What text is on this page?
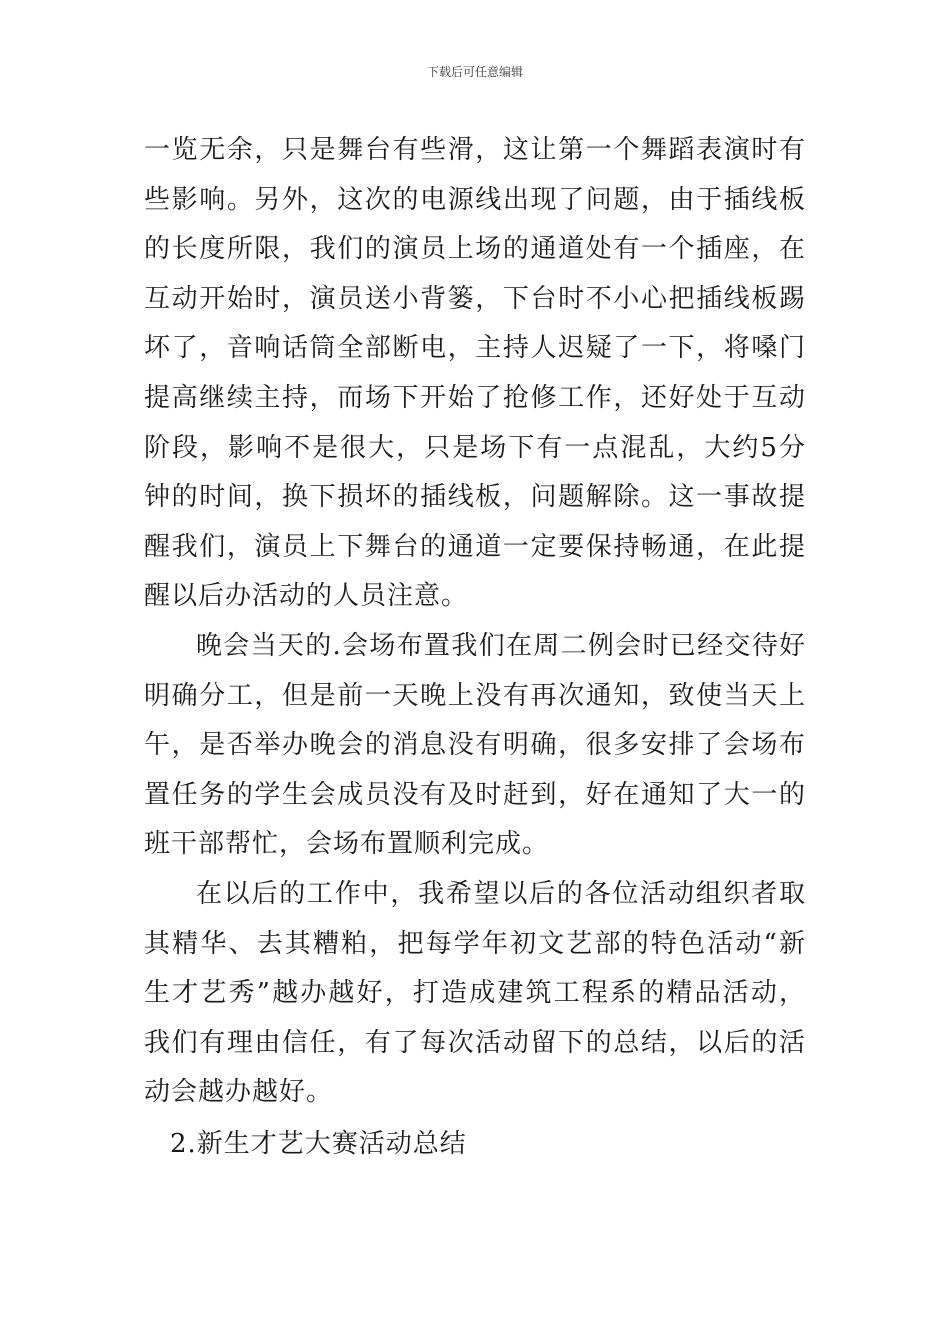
下载后可任意编辑

一览无余，只是舞台有些滑，这让第一个舞蹈表演时有些影响。另外，这次的电源线出现了问题，由于插线板的长度所限，我们的演员上场的通道处有一个插座，在互动开始时，演员送小背篓，下台时不小心把插线板踢坏了，音响话筒全部断电，主持人迟疑了一下，将嗓门提高继续主持，而场下开始了抢修工作，还好处于互动阶段，影响不是很大，只是场下有一点混乱，大约5分钟的时间，换下损坏的插线板，问题解除。这一事故提醒我们，演员上下舞台的通道一定要保持畅通，在此提醒以后办活动的人员注意。

晚会当天的.会场布置我们在周二例会时已经交待好明确分工，但是前一天晚上没有再次通知，致使当天上午，是否举办晚会的消息没有明确，很多安排了会场布置任务的学生会成员没有及时赶到，好在通知了大一的班干部帮忙，会场布置顺利完成。

在以后的工作中，我希望以后的各位活动组织者取其精华、去其糟粕，把每学年初文艺部的特色活动“新生才艺秀”越办越好，打造成建筑工程系的精品活动，我们有理由信任，有了每次活动留下的总结，以后的活动会越办越好。

2.新生才艺大赛活动总结
